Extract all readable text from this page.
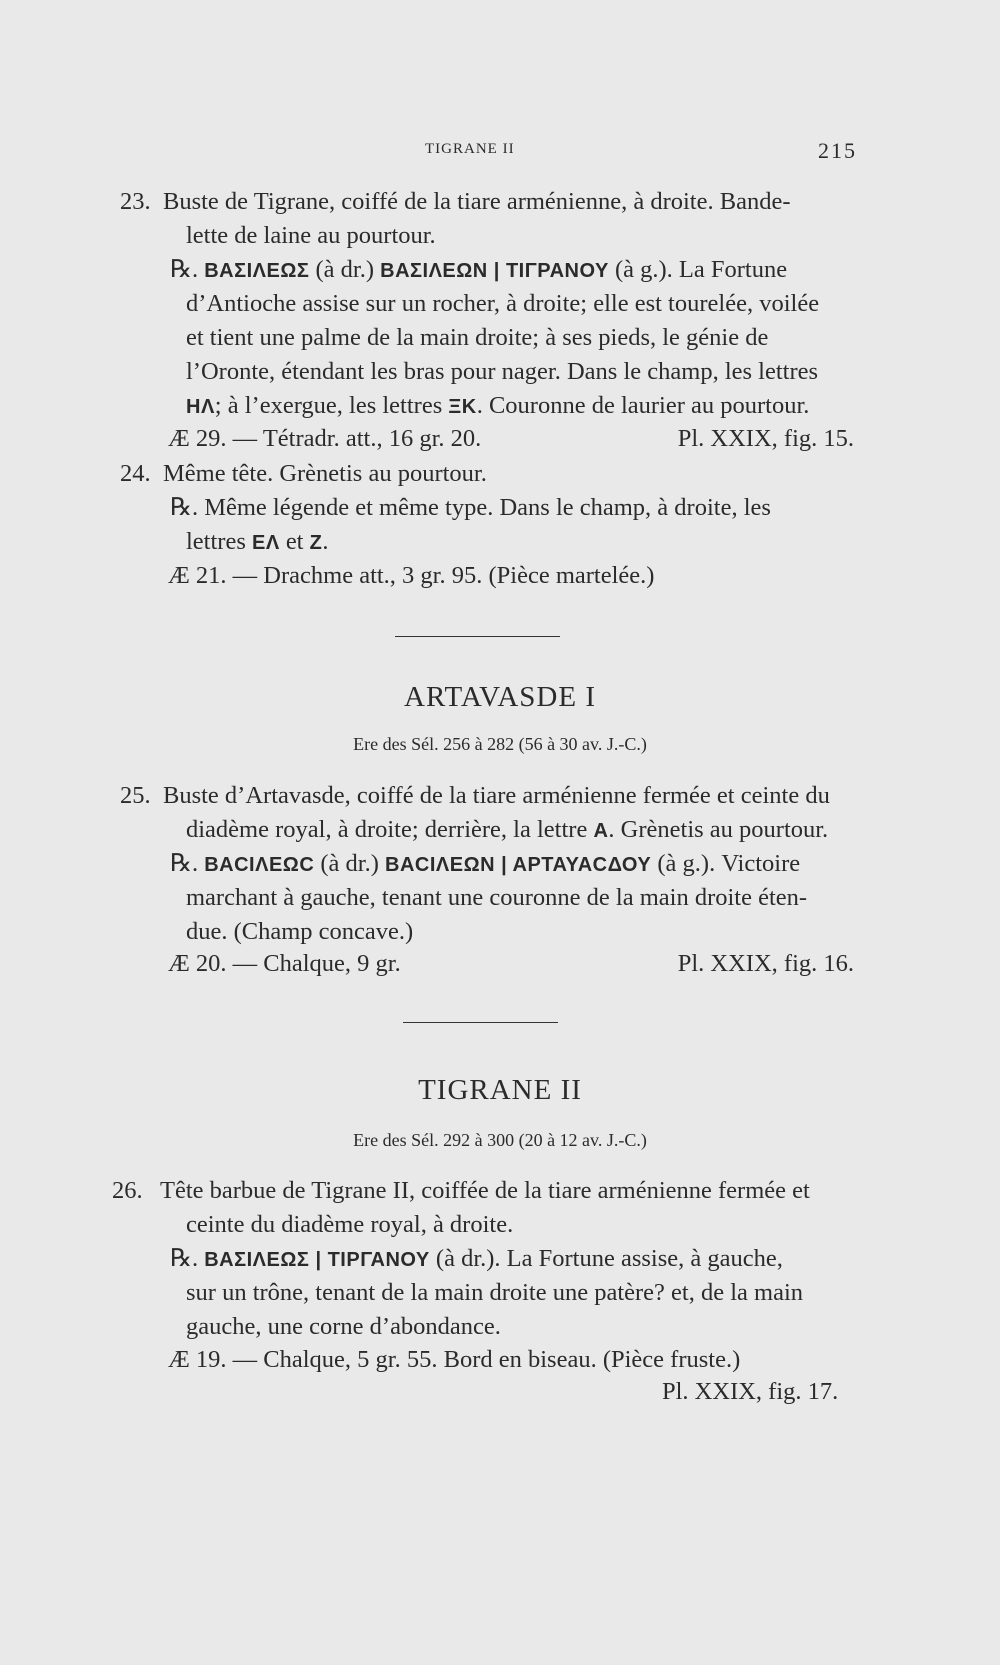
TIGRANE II	215
23. Buste de Tigrane, coiffé de la tiare arménienne, à droite. Bande-
lette de laine au pourtour.
℞. ΒΑΣΙΛΕΩΣ (à dr.) ΒΑΣΙΛΕΩΝ | ΤΙΓΡΑΝΟΥ (à g.). La Fortune
d’Antioche assise sur un rocher, à droite; elle est tourelée, voilée
et tient une palme de la main droite; à ses pieds, le génie de
l’Oronte, étendant les bras pour nager. Dans le champ, les lettres
ΗΛ; à l’exergue, les lettres ΞΚ. Couronne de laurier au pourtour.
Æ 29. — Tétradr. att., 16 gr. 20.	Pl. XXIX, fig. 15.
24. Même tête. Grènetis au pourtour.
℞. Même légende et même type. Dans le champ, à droite, les
lettres ΕΛ et Ζ.
Æ 21. — Drachme att., 3 gr. 95. (Pièce martelée.)
ARTAVASDE I
Ere des Sél. 256 à 282 (56 à 30 av. J.-C.)
25. Buste d’Artavasde, coiffé de la tiare arménienne fermée et ceinte du
diadème royal, à droite; derrière, la lettre Α. Grènetis au pourtour.
℞. ΒΑCΙΛΕΩC (à dr.) ΒΑCΙΛΕΩΝ | ΑΡΤΑΥΑCΔΟΥ (à g.). Victoire
marchant à gauche, tenant une couronne de la main droite éten-
due. (Champ concave.)
Æ 20. — Chalque, 9 gr.	Pl. XXIX, fig. 16.
TIGRANE II
Ere des Sél. 292 à 300 (20 à 12 av. J.-C.)
26. Tête barbue de Tigrane II, coiffée de la tiare arménienne fermée et
ceinte du diadème royal, à droite.
℞. ΒΑΣΙΛΕΩΣ | ΤΙΡΓΑΝΟΥ (à dr.). La Fortune assise, à gauche,
sur un trône, tenant de la main droite une patère? et, de la main
gauche, une corne d’abondance.
Æ 19. — Chalque, 5 gr. 55. Bord en biseau. (Pièce fruste.)
Pl. XXIX, fig. 17.
